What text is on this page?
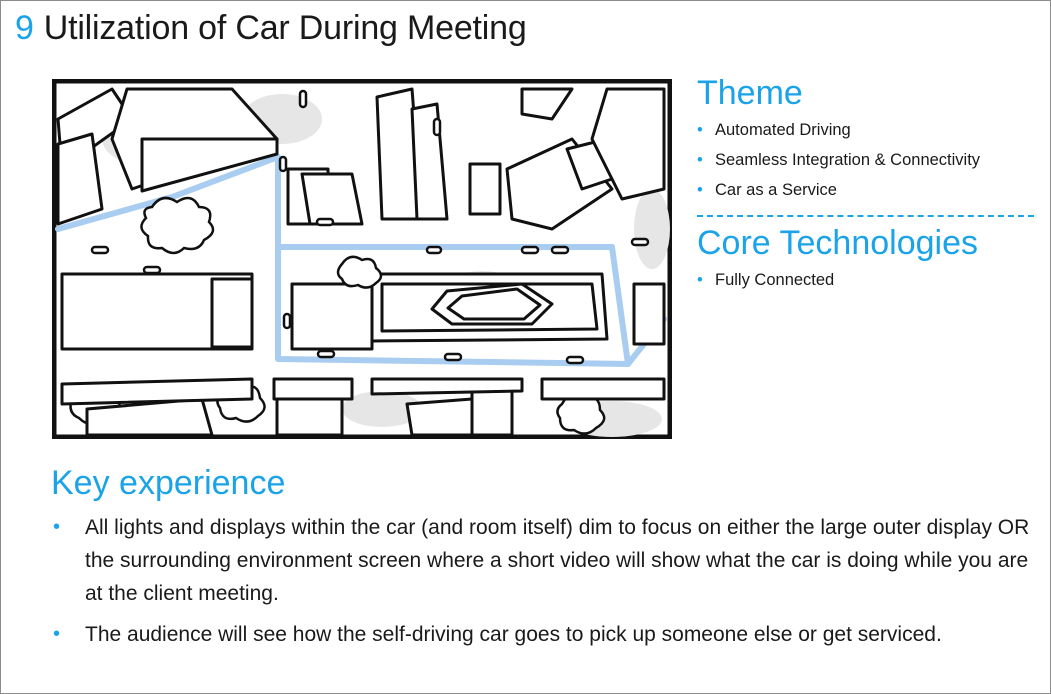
9 Utilization of Car During Meeting
Theme
• Automated Driving
• Seamless Integration & Connectivity
• Car as a Service
Core Technologies
• Fully Connected
Key experience
• All lights and displays within the car (and room itself) dim to focus on either the large outer display OR the surrounding environment screen where a short video will show what the car is doing while you are at the client meeting.
• The audience will see how the self-driving car goes to pick up someone else or get serviced.
